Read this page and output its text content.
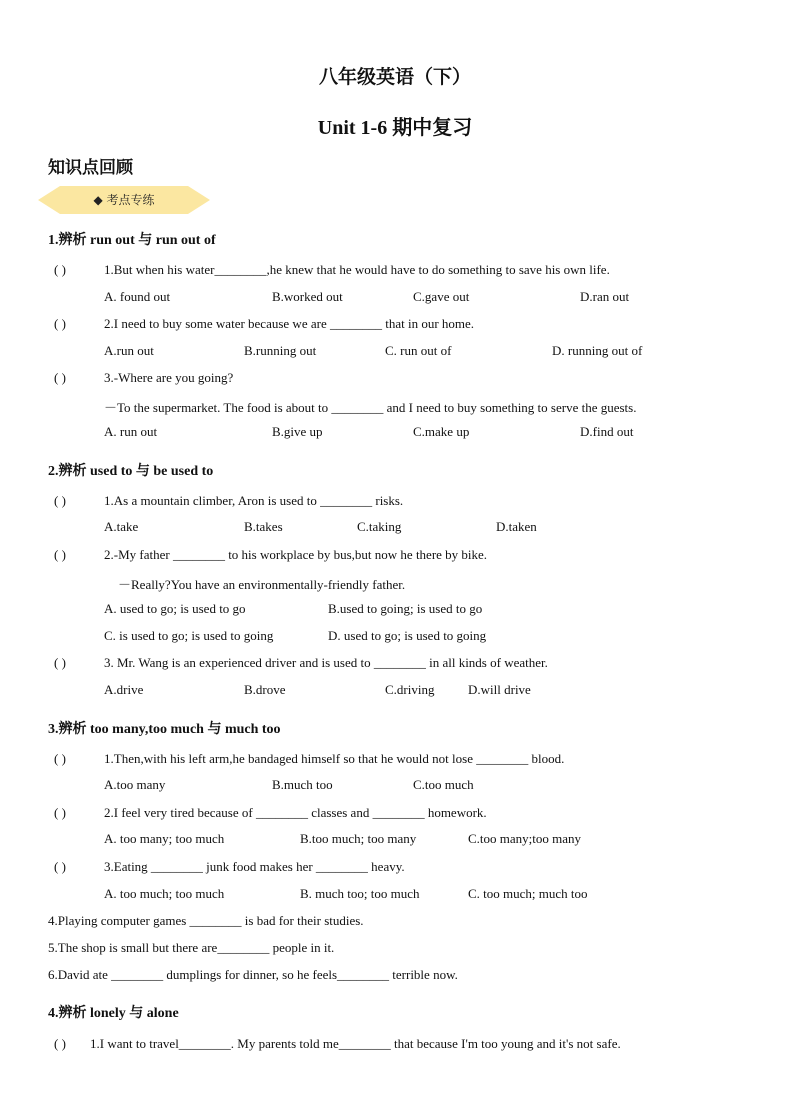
八年级英语（下）
Unit 1-6 期中复习
知识点回顾
◆ 考点专练
1.辨析 run out 与 run out of
( )	1.But when his water________,he knew that he would have to do something to save his own life.
A. found out	B.worked out	C.gave out	D.ran out
( )	2.I need to buy some water because we are ________ that in our home.
A.run out	B.running out	C. run out of	D. running out of
( )	3.-Where are you going?
－To the supermarket. The food is about to ________ and I need to buy something to serve the guests.
A. run out	B.give up	C.make up	D.find out
2.辨析 used to 与 be used to
( )	1.As a mountain climber, Aron is used to ________ risks.
A.take	B.takes	C.taking	D.taken
( )	2.-My father ________ to his workplace by bus,but now he there by bike.
－Really?You have an environmentally-friendly father.
A. used to go; is used to go	B.used to going; is used to go
C. is used to go; is used to going	D. used to go; is used to going
( )	3. Mr. Wang is an experienced driver and is used to ________ in all kinds of weather.
A.drive	B.drove	C.driving	D.will drive
3.辨析 too many,too much 与 much too
( )	1.Then,with his left arm,he bandaged himself so that he would not lose ________ blood.
A.too many	B.much too	C.too much
( )	2.I feel very tired because of ________ classes and ________ homework.
A. too many; too much	B.too much; too many	C.too many;too many
( )	3.Eating ________ junk food makes her ________ heavy.
A. too much; too much	B. much too; too much	C. too much; much too
4.Playing computer games ________ is bad for their studies.
5.The shop is small but there are________ people in it.
6.David ate ________ dumplings for dinner, so he feels________ terrible now.
4.辨析 lonely 与 alone
( ) 1.I want to travel________. My parents told me________ that because I'm too young and it's not safe.
